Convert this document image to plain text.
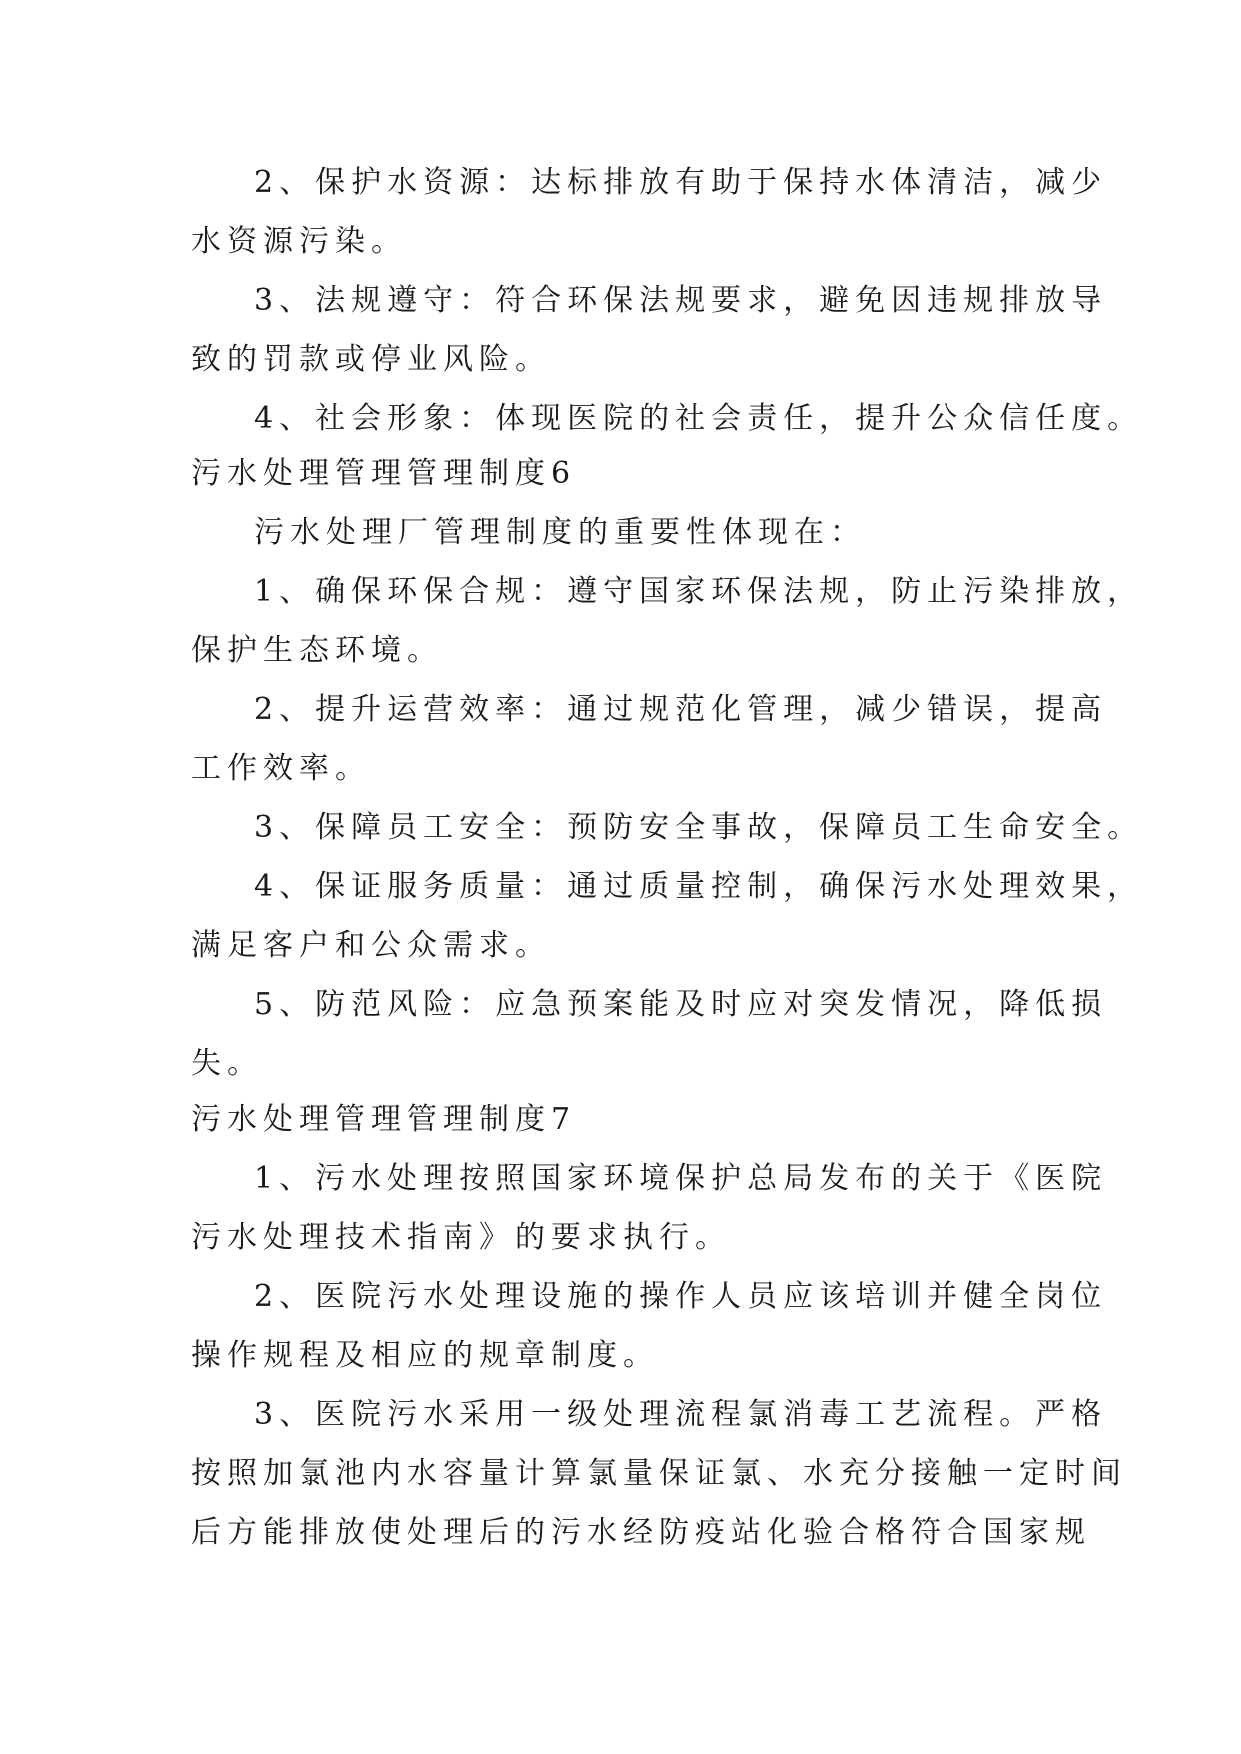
2、保护水资源：达标排放有助于保持水体清洁，减少
水资源污染。
3、法规遵守：符合环保法规要求，避免因违规排放导
致的罚款或停业风险。
4、社会形象：体现医院的社会责任，提升公众信任度。
污水处理管理管理制度6
污水处理厂管理制度的重要性体现在：
1、确保环保合规：遵守国家环保法规，防止污染排放，
保护生态环境。
2、提升运营效率：通过规范化管理，减少错误，提高
工作效率。
3、保障员工安全：预防安全事故，保障员工生命安全。
4、保证服务质量：通过质量控制，确保污水处理效果，
满足客户和公众需求。
5、防范风险：应急预案能及时应对突发情况，降低损
失。
污水处理管理管理制度7
1、污水处理按照国家环境保护总局发布的关于《医院
污水处理技术指南》的要求执行。
2、医院污水处理设施的操作人员应该培训并健全岗位
操作规程及相应的规章制度。
3、医院污水采用一级处理流程氯消毒工艺流程。严格
按照加氯池内水容量计算氯量保证氯、水充分接触一定时间
后方能排放使处理后的污水经防疫站化验合格符合国家规
